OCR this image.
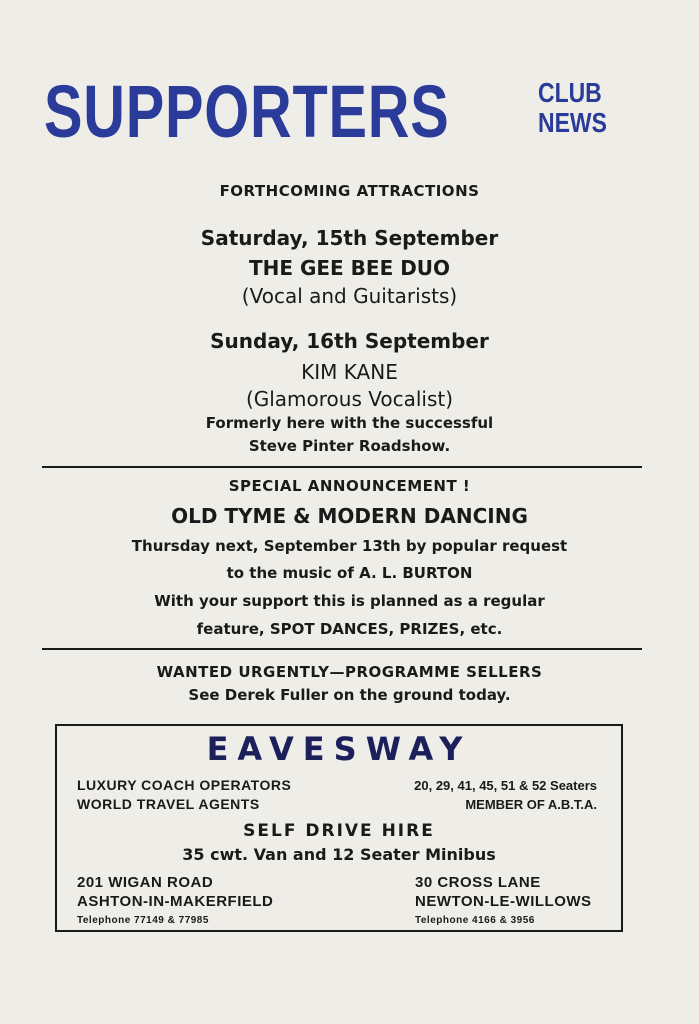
SUPPORTERS	CLUB
NEWS
FORTHCOMING ATTRACTIONS
Saturday, 15th September
THE GEE BEE DUO
(Vocal and Guitarists)
Sunday, 16th September
KIM KANE
(Glamorous Vocalist)
Formerly here with the successful
Steve Pinter Roadshow.
SPECIAL ANNOUNCEMENT !
OLD TYME & MODERN DANCING
Thursday next, September 13th by popular request
to the music of A. L. BURTON
With your support this is planned as a regular
feature, SPOT DANCES, PRIZES, etc.
WANTED URGENTLY—PROGRAMME SELLERS
See Derek Fuller on the ground today.
EAVESWAY
LUXURY COACH OPERATORS
WORLD TRAVEL AGENTS
20, 29, 41, 45, 51 & 52 Seaters
MEMBER OF A.B.T.A.
SELF DRIVE HIRE
35 cwt. Van and 12 Seater Minibus
201 WIGAN ROAD
ASHTON-IN-MAKERFIELD
Telephone 77149 & 77985
30 CROSS LANE
NEWTON-LE-WILLOWS
Telephone 4166 & 3956
